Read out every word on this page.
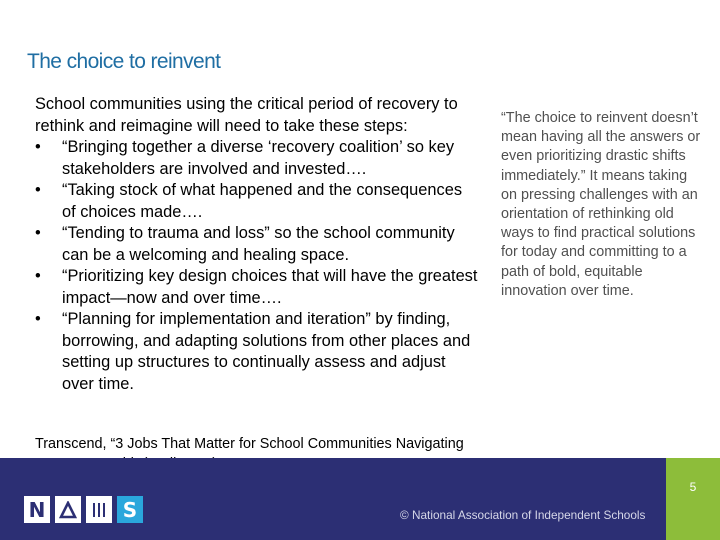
The choice to reinvent

School communities using the critical period of recovery to rethink and reimagine will need to take these steps:

• “Bringing together a diverse ‘recovery coalition’ so key stakeholders are involved and invested….
• “Taking stock of what happened and the consequences of choices made….
• “Tending to trauma and loss” so the school community can be a welcoming and healing space.
• “Prioritizing key design choices that will have the greatest impact—now and over time….
• “Planning for implementation and iteration” by finding, borrowing, and adapting solutions from other places and setting up structures to continually assess and adjust over time.
“The choice to reinvent doesn’t mean having all the answers or even prioritizing drastic shifts immediately.” It means taking on pressing challenges with an orientation of rethinking old ways to find practical solutions for today and committing to a path of bold, equitable innovation over time.
Transcend, “3 Jobs That Matter for School Communities Navigating
N	S	© National Association of Independent Schools
5
